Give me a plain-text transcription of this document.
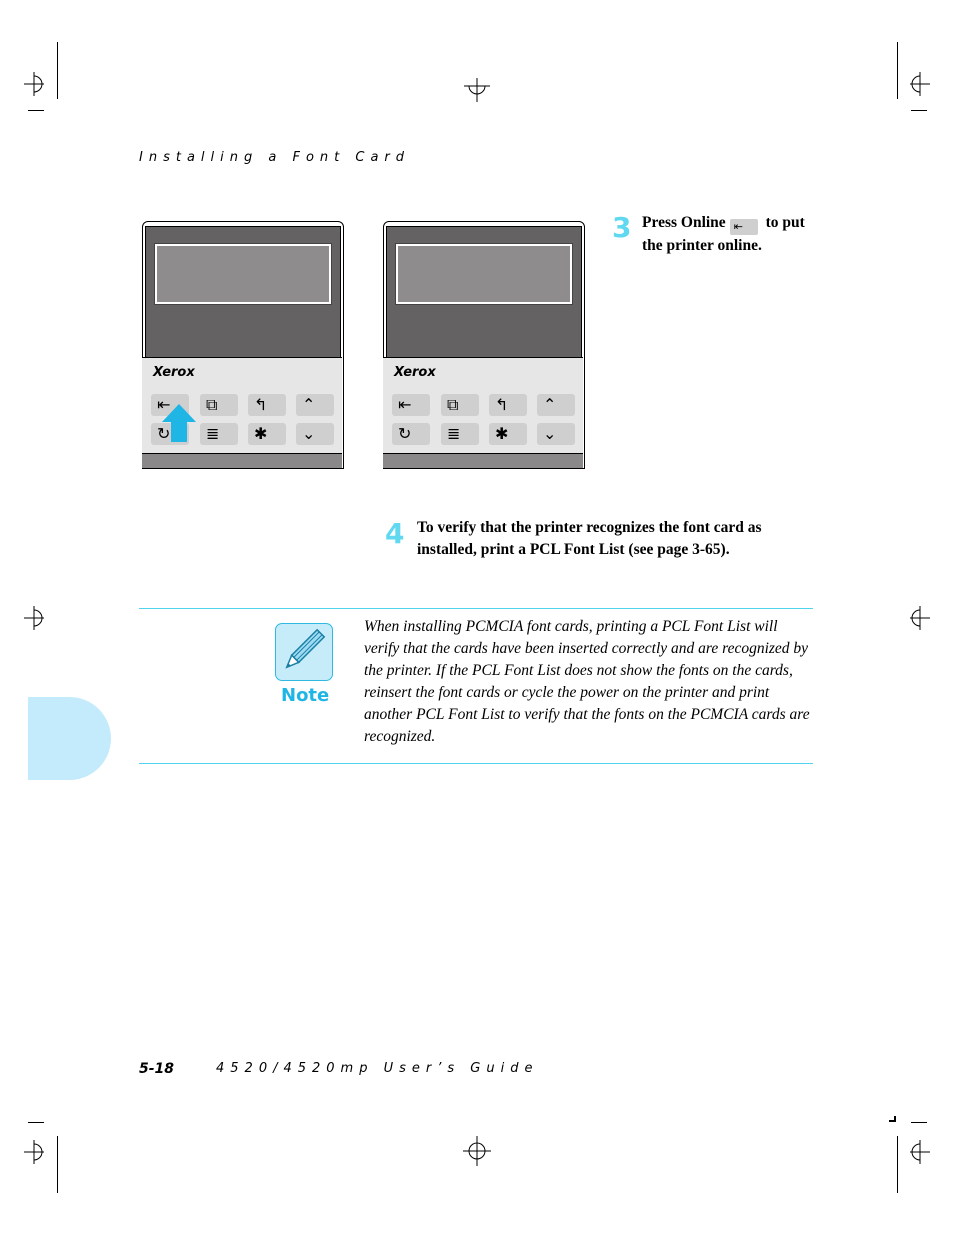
Installing a Font Card
Xerox
⇤	⧉	↰	⌃
↻	≣	✱	⌄
Xerox
⇤	⧉	↰	⌃
↻	≣	✱	⌄
3 Press Online ⇤ to put the printer online.
4 To verify that the printer recognizes the font card as installed, print a PCL Font List (see page 3-65).
Note
When installing PCMCIA font cards, printing a PCL Font List will verify that the cards have been inserted correctly and are recognized by the printer. If the PCL Font List does not show the fonts on the cards, reinsert the font cards or cycle the power on the printer and print another PCL Font List to verify that the fonts on the PCMCIA cards are recognized.
5-18	4520/4520mp User’s Guide
